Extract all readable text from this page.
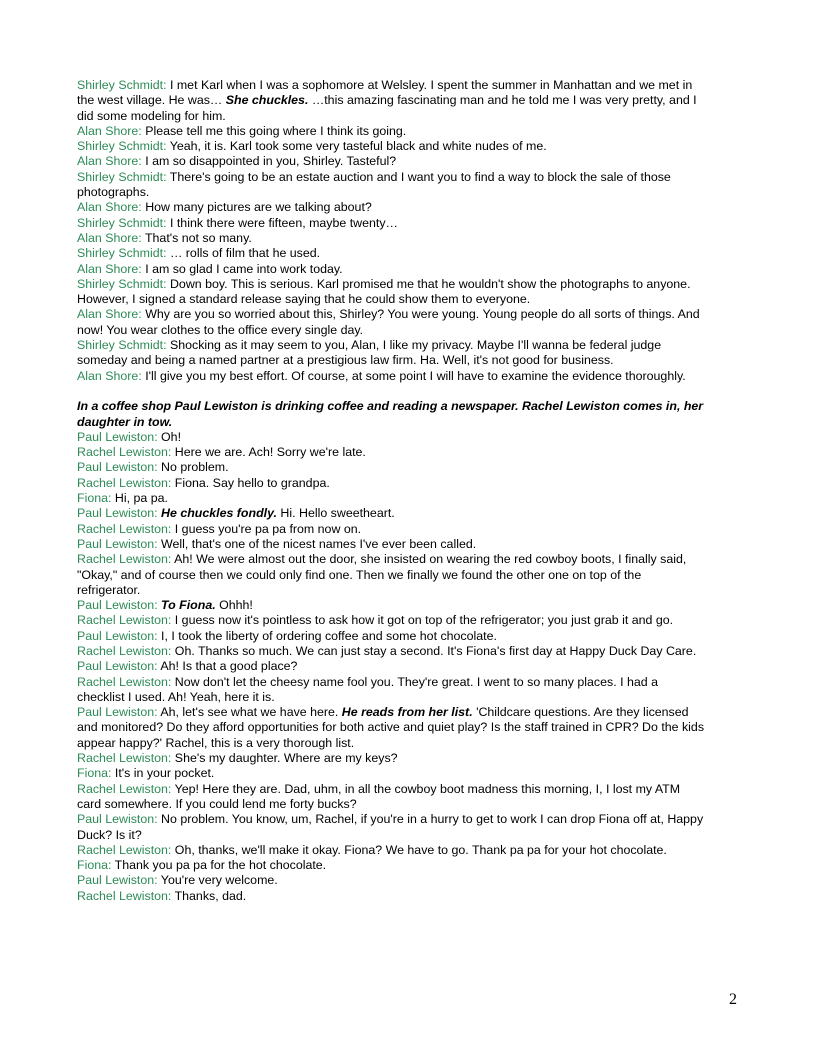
Shirley Schmidt: I met Karl when I was a sophomore at Welsley. I spent the summer in Manhattan and we met in the west village. He was… She chuckles. …this amazing fascinating man and he told me I was very pretty, and I did some modeling for him.

Alan Shore: Please tell me this going where I think its going.

Shirley Schmidt: Yeah, it is. Karl took some very tasteful black and white nudes of me.

Alan Shore: I am so disappointed in you, Shirley. Tasteful?

Shirley Schmidt: There's going to be an estate auction and I want you to find a way to block the sale of those photographs.

Alan Shore: How many pictures are we talking about?

Shirley Schmidt: I think there were fifteen, maybe twenty…

Alan Shore: That's not so many.

Shirley Schmidt: … rolls of film that he used.

Alan Shore: I am so glad I came into work today.

Shirley Schmidt: Down boy. This is serious. Karl promised me that he wouldn't show the photographs to anyone. However, I signed a standard release saying that he could show them to everyone.

Alan Shore: Why are you so worried about this, Shirley? You were young. Young people do all sorts of things. And now! You wear clothes to the office every single day.

Shirley Schmidt: Shocking as it may seem to you, Alan, I like my privacy. Maybe I'll wanna be federal judge someday and being a named partner at a prestigious law firm. Ha. Well, it's not good for business.

Alan Shore: I'll give you my best effort. Of course, at some point I will have to examine the evidence thoroughly.

In a coffee shop Paul Lewiston is drinking coffee and reading a newspaper. Rachel Lewiston comes in, her daughter in tow.

Paul Lewiston: Oh!

Rachel Lewiston: Here we are. Ach! Sorry we're late.

Paul Lewiston: No problem.

Rachel Lewiston: Fiona. Say hello to grandpa.

Fiona: Hi, pa pa.

Paul Lewiston: He chuckles fondly. Hi. Hello sweetheart.

Rachel Lewiston: I guess you're pa pa from now on.

Paul Lewiston: Well, that's one of the nicest names I've ever been called.

Rachel Lewiston: Ah! We were almost out the door, she insisted on wearing the red cowboy boots, I finally said, "Okay," and of course then we could only find one. Then we finally we found the other one on top of the refrigerator.

Paul Lewiston: To Fiona. Ohhh!

Rachel Lewiston: I guess now it's pointless to ask how it got on top of the refrigerator; you just grab it and go.

Paul Lewiston: I, I took the liberty of ordering coffee and some hot chocolate.

Rachel Lewiston: Oh. Thanks so much. We can just stay a second. It's Fiona's first day at Happy Duck Day Care.

Paul Lewiston: Ah! Is that a good place?

Rachel Lewiston: Now don't let the cheesy name fool you. They're great. I went to so many places. I had a checklist I used. Ah! Yeah, here it is.

Paul Lewiston: Ah, let's see what we have here. He reads from her list. 'Childcare questions. Are they licensed and monitored? Do they afford opportunities for both active and quiet play? Is the staff trained in CPR? Do the kids appear happy?' Rachel, this is a very thorough list.

Rachel Lewiston: She's my daughter. Where are my keys?

Fiona: It's in your pocket.

Rachel Lewiston: Yep! Here they are. Dad, uhm, in all the cowboy boot madness this morning, I, I lost my ATM card somewhere. If you could lend me forty bucks?

Paul Lewiston: No problem. You know, um, Rachel, if you're in a hurry to get to work I can drop Fiona off at, Happy Duck? Is it?

Rachel Lewiston: Oh, thanks, we'll make it okay. Fiona? We have to go. Thank pa pa for your hot chocolate.

Fiona: Thank you pa pa for the hot chocolate.

Paul Lewiston: You're very welcome.

Rachel Lewiston: Thanks, dad.

2
